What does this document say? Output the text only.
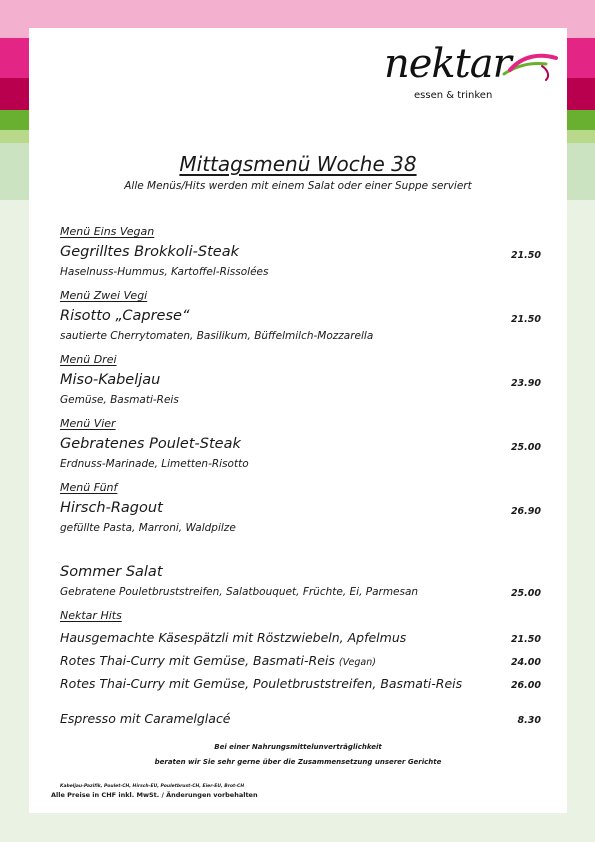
nektar
essen & trinken
Mittagsmenü Woche 38
Alle Menüs/Hits werden mit einem Salat oder einer Suppe serviert
Menü Eins Vegan
Gegrilltes Brokkoli-Steak	21.50
Haselnuss-Hummus, Kartoffel-Rissolées
Menü Zwei Vegi
Risotto „Caprese“	21.50
sautierte Cherrytomaten, Basilikum, Büffelmilch-Mozzarella
Menü Drei
Miso-Kabeljau	23.90
Gemüse, Basmati-Reis
Menü Vier
Gebratenes Poulet-Steak	25.00
Erdnuss-Marinade, Limetten-Risotto
Menü Fünf
Hirsch-Ragout	26.90
gefüllte Pasta, Marroni, Waldpilze
Sommer Salat
Gebratene Pouletbruststreifen, Salatbouquet, Früchte, Ei, Parmesan	25.00
Nektar Hits
Hausgemachte Käsespätzli mit Röstzwiebeln, Apfelmus	21.50
Rotes Thai-Curry mit Gemüse, Basmati-Reis (Vegan)	24.00
Rotes Thai-Curry mit Gemüse, Pouletbruststreifen, Basmati-Reis	26.00
Espresso mit Caramelglacé	8.30
Bei einer Nahrungsmittelunverträglichkeit
beraten wir Sie sehr gerne über die Zusammensetzung unserer Gerichte
Kabeljau-Pazifik, Poulet-CH, Hirsch-EU, Pouletbrust-CH, Eier-EU, Brot-CH
Alle Preise in CHF inkl. MwSt. / Änderungen vorbehalten
